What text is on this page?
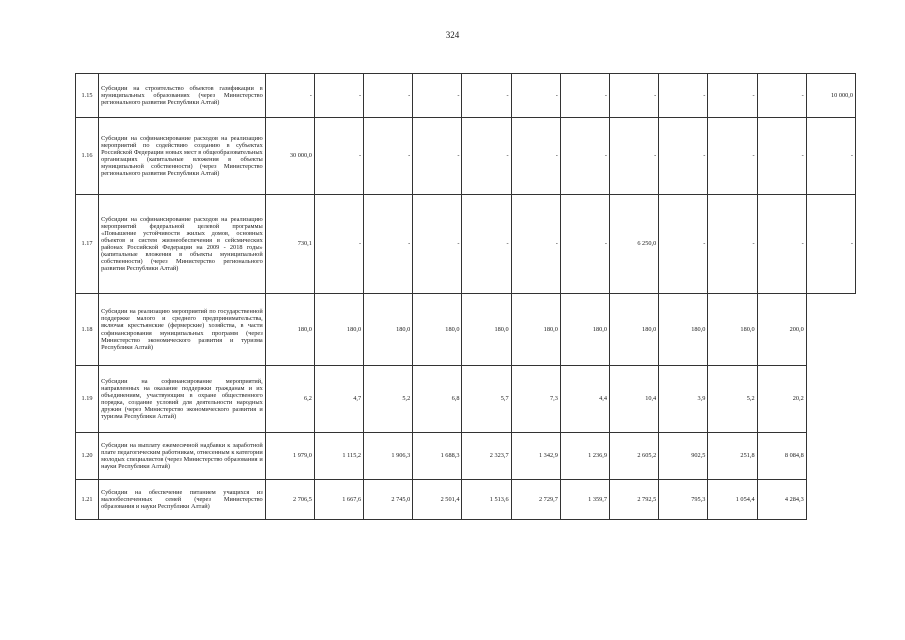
324
1.15	Субсидии на строительство объектов газификации в муниципальных образованиях (через Министерство регионального развития Республики Алтай)	-	-	-	-	-	-	-	-	-	-	-	10 000,0
1.16	Субсидии на софинансирование расходов на реализацию мероприятий по содействию созданию в субъектах Российской Федерации новых мест в общеобразовательных организациях (капитальные вложения в объекты муниципальной собственности) (через Министерство регионального развития Республики Алтай)	30 000,0	-	-	-	-	-	-	-	-	-	-	-
1.17	Субсидии на софинансирование расходов на реализацию мероприятий федеральной целевой программы «Повышение устойчивости жилых домов, основных объектов и систем жизнеобеспечения в сейсмических районах Российской Федерации на 2009 - 2018 годы» (капитальные вложения в объекты муниципальной собственности) (через Министерство регионального развития Республики Алтай)	730,1	-	-	-	-	-	-	6 250,0	-	-	-	-
1.18	Субсидии на реализацию мероприятий по государственной поддержке малого и среднего предпринимательства, включая крестьянские (фермерские) хозяйства, в части софинансирования муниципальных программ (через Министерство экономического развития и туризма Республики Алтай)	180,0	180,0	180,0	180,0	180,0	180,0	180,0	180,0	180,0	180,0	200,0
1.19	Субсидии на софинансирование мероприятий, направленных на оказание поддержки гражданам и их объединениям, участвующим в охране общественного порядка, создание условий для деятельности народных дружин (через Министерство экономического развития и туризма Республики Алтай)	6,2	4,7	5,2	6,8	5,7	7,3	4,4	10,4	3,9	5,2	20,2
1.20	Субсидии на выплату ежемесячной надбавки к заработной плате педагогическим работникам, отнесенным к категории молодых специалистов (через Министерство образования и науки Республики Алтай)	1 979,0	1 115,2	1 906,3	1 688,3	2 323,7	1 342,9	1 236,9	2 605,2	902,5	251,8	8 084,8
1.21	Субсидии на обеспечение питанием учащихся из малообеспеченных семей (через Министерство образования и науки Республики Алтай)	2 706,5	1 667,6	2 745,0	2 501,4	1 513,6	2 729,7	1 359,7	2 792,5	795,3	1 054,4	4 284,3
